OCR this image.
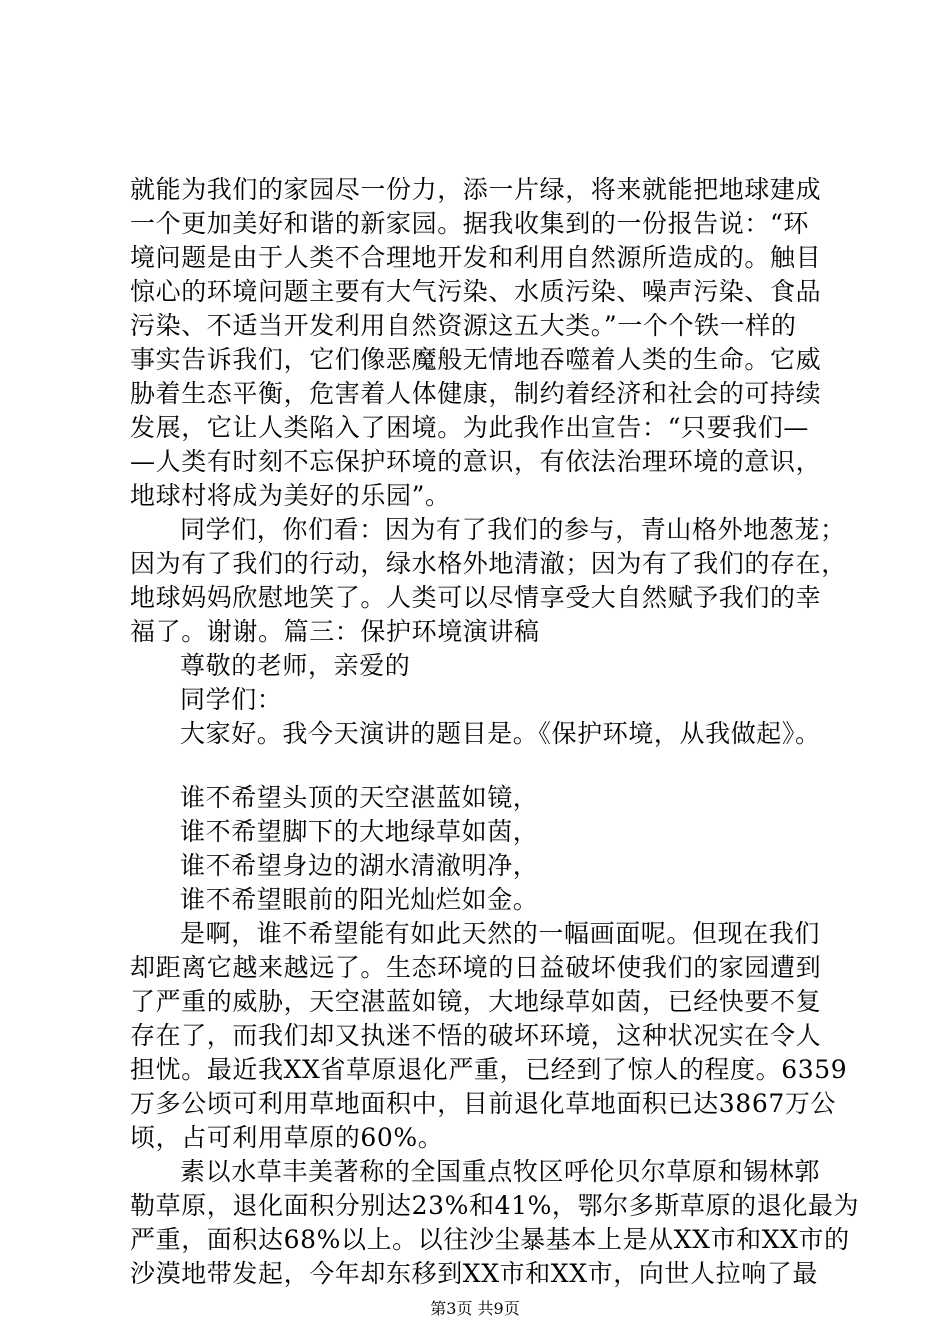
就能为我们的家园尽一份力，添一片绿，将来就能把地球建成
一个更加美好和谐的新家园。据我收集到的一份报告说：“环
境问题是由于人类不合理地开发和利用自然源所造成的。触目
惊心的环境问题主要有大气污染、水质污染、噪声污染、食品
污染、不适当开发利用自然资源这五大类。”一个个铁一样的
事实告诉我们，它们像恶魔般无情地吞噬着人类的生命。它威
胁着生态平衡，危害着人体健康，制约着经济和社会的可持续
发展，它让人类陷入了困境。为此我作出宣告：“只要我们—
—人类有时刻不忘保护环境的意识，有依法治理环境的意识，
地球村将成为美好的乐园”。
同学们，你们看：因为有了我们的参与，青山格外地葱茏；
因为有了我们的行动，绿水格外地清澈；因为有了我们的存在，
地球妈妈欣慰地笑了。人类可以尽情享受大自然赋予我们的幸
福了。谢谢。篇三：保护环境演讲稿
尊敬的老师，亲爱的
同学们：
大家好。我今天演讲的题目是。《保护环境，从我做起》。
谁不希望头顶的天空湛蓝如镜，
谁不希望脚下的大地绿草如茵，
谁不希望身边的湖水清澈明净，
谁不希望眼前的阳光灿烂如金。
是啊，谁不希望能有如此天然的一幅画面呢。但现在我们
却距离它越来越远了。生态环境的日益破坏使我们的家园遭到
了严重的威胁，天空湛蓝如镜，大地绿草如茵，已经快要不复
存在了，而我们却又执迷不悟的破坏环境，这种状况实在令人
担忧。最近我XX省草原退化严重，已经到了惊人的程度。6359
万多公顷可利用草地面积中，目前退化草地面积已达3867万公
顷，占可利用草原的60%。
素以水草丰美著称的全国重点牧区呼伦贝尔草原和锡林郭
勒草原，退化面积分别达23%和41%，鄂尔多斯草原的退化最为
严重，面积达68%以上。以往沙尘暴基本上是从XX市和XX市的
沙漠地带发起，今年却东移到XX市和XX市，向世人拉响了最
第3页 共9页
